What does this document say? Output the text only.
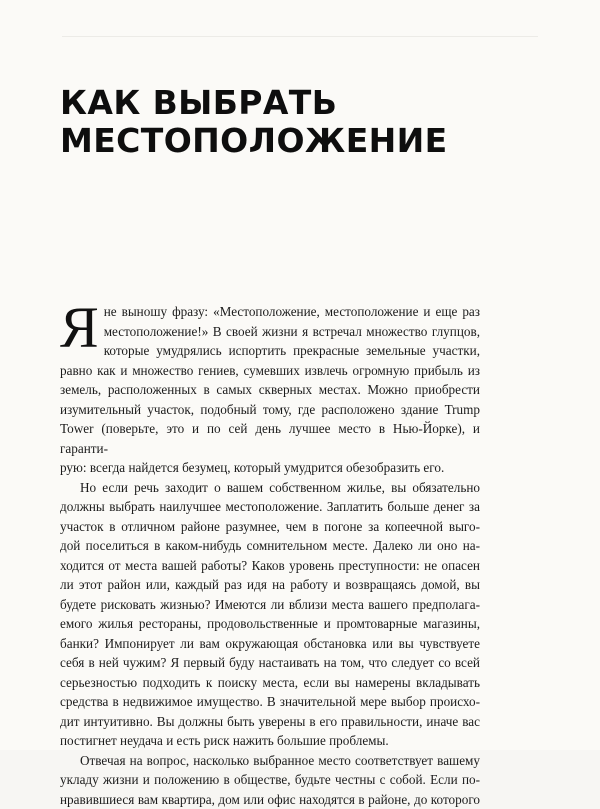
КАК ВЫБРАТЬ
МЕСТОПОЛОЖЕНИЕ
Я не выношу фразу: «Местоположение, местоположение и еще раз

местоположение!» В своей жизни я встречал множество глупцов,

которые умудрялись испортить прекрасные земельные участки,

равно как и множество гениев, сумевших извлечь огромную прибыль из

земель, расположенных в самых скверных местах. Можно приобрести

изумительный участок, подобный тому, где расположено здание Trump

Tower (поверьте, это и по сей день лучшее место в Нью-Йорке), и гаранти-

рую: всегда найдется безумец, который умудрится обезобразить его.

Но если речь заходит о вашем собственном жилье, вы обязательно

должны выбрать наилучшее местоположение. Заплатить больше денег за

участок в отличном районе разумнее, чем в погоне за копеечной выго-

дой поселиться в каком-нибудь сомнительном месте. Далеко ли оно на-

ходится от места вашей работы? Каков уровень преступности: не опасен

ли этот район или, каждый раз идя на работу и возвращаясь домой, вы

будете рисковать жизнью? Имеются ли вблизи места вашего предполага-

емого жилья рестораны, продовольственные и промтоварные магазины,

банки? Импонирует ли вам окружающая обстановка или вы чувствуете

себя в ней чужим? Я первый буду настаивать на том, что следует со всей

серьезностью подходить к поиску места, если вы намерены вкладывать

средства в недвижимое имущество. В значительной мере выбор происхо-

дит интуитивно. Вы должны быть уверены в его правильности, иначе вас

постигнет неудача и есть риск нажить большие проблемы.

Отвечая на вопрос, насколько выбранное место соответствует вашему

укладу жизни и положению в обществе, будьте честны с собой. Если по-

нравившиеся вам квартира, дом или офис находятся в районе, до которого
